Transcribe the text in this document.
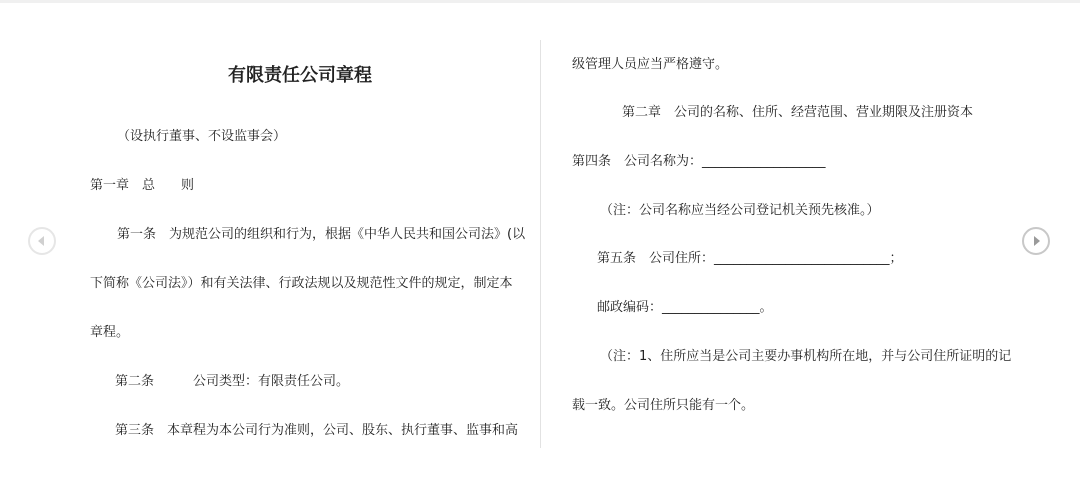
有限责任公司章程
（设执行董事、不设监事会）
第一章　总　　则
　第一条　为规范公司的组织和行为，根据《中华人民共和国公司法》(以
下简称《公司法》）和有关法律、行政法规以及规范性文件的规定，制定本
章程。
第二条　　　公司类型：有限责任公司。
第三条　本章程为本公司行为准则，公司、股东、执行董事、监事和高
级管理人员应当严格遵守。
第二章　公司的名称、住所、经营范围、营业期限及注册资本
第四条　公司名称为：___________________
（注：公司名称应当经公司登记机关预先核准。）
第五条　公司住所：___________________________；
邮政编码：_______________。
（注：1、住所应当是公司主要办事机构所在地，并与公司住所证明的记
载一致。公司住所只能有一个。
